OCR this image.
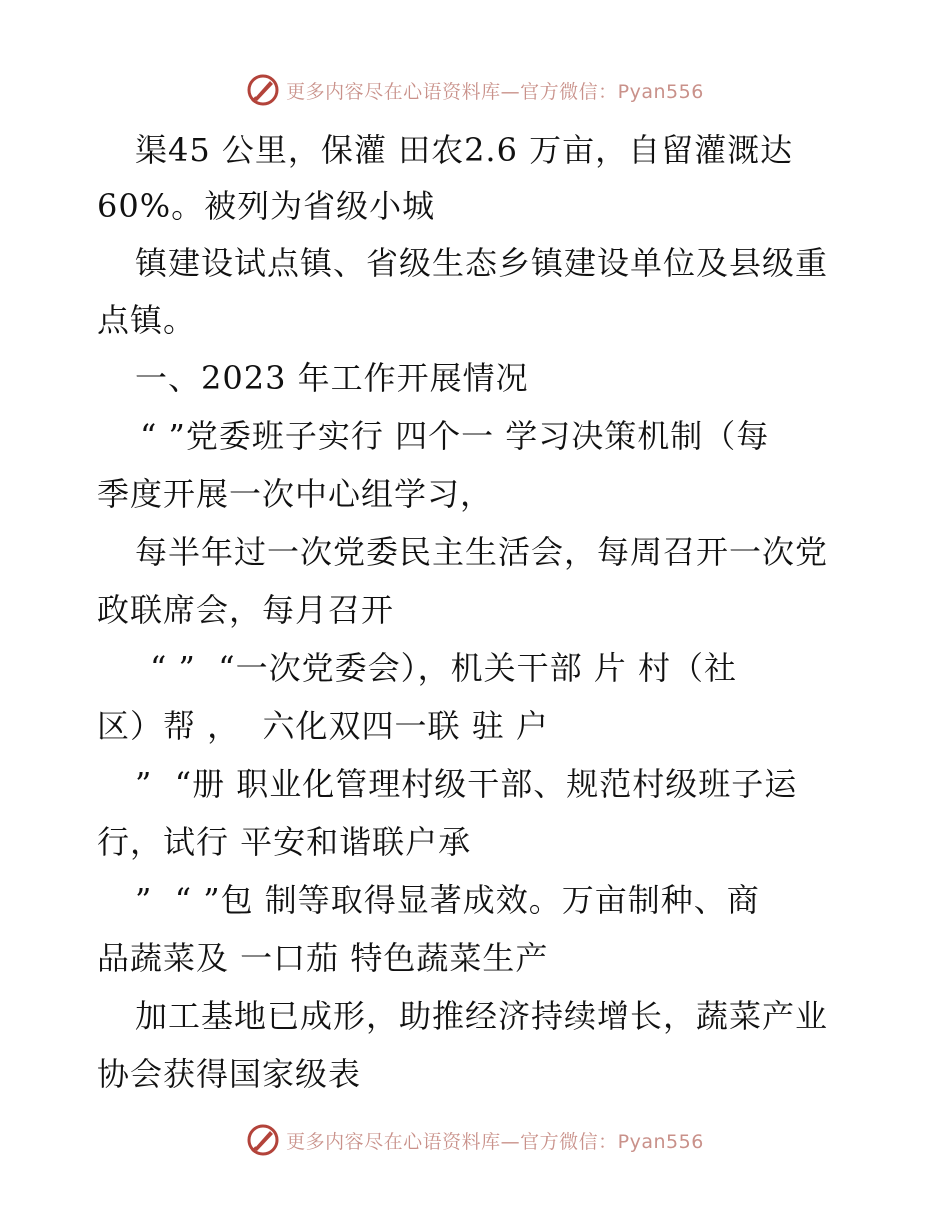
更多内容尽在心语资料库—官方微信：Pyan556
渠45 公里，保灌 田农2.6 万亩，自留灌溉达
60%。被列为省级小城
镇建设试点镇、省级生态乡镇建设单位及县级重
点镇。
一、2023 年工作开展情况
“ ”党委班子实行 四个一 学习决策机制（每
季度开展一次中心组学习，
每半年过一次党委民主生活会，每周召开一次党
政联席会，每月召开
“ ”  “一次党委会），机关干部 片 村（社
区）帮 ，  六化双四一联 驻 户
”  “册 职业化管理村级干部、规范村级班子运
行，试行 平安和谐联户承
”  “ ”包 制等取得显著成效。万亩制种、商
品蔬菜及 一口茄 特色蔬菜生产
加工基地已成形，助推经济持续增长，蔬菜产业
协会获得国家级表
更多内容尽在心语资料库—官方微信：Pyan556
